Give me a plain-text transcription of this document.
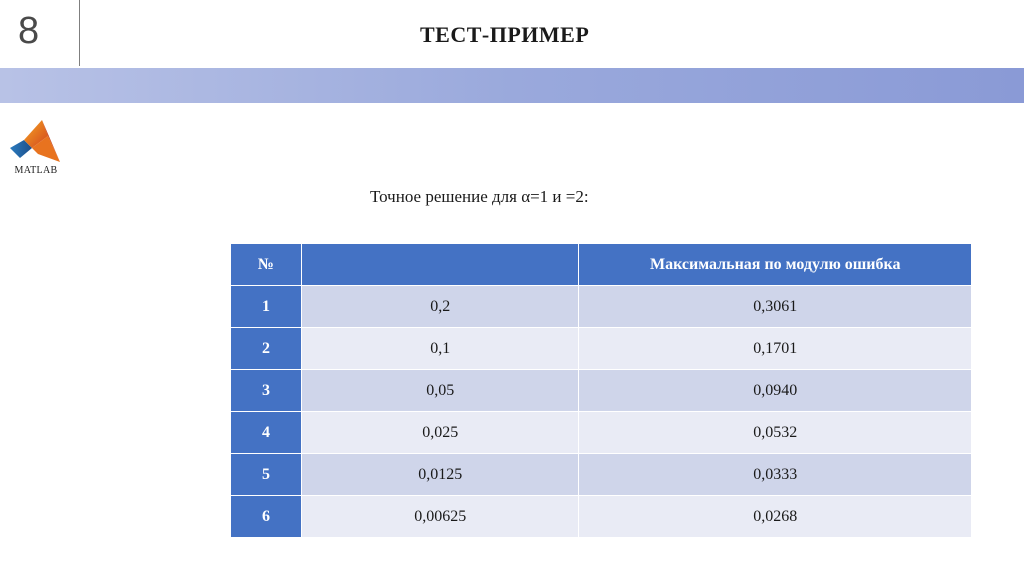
8	ТЕСТ-ПРИМЕР
MATLAB
Точное решение для α=1 и =2:
№		Максимальная по модулю ошибка
1	0,2	0,3061
2	0,1	0,1701
3	0,05	0,0940
4	0,025	0,0532
5	0,0125	0,0333
6	0,00625	0,0268
